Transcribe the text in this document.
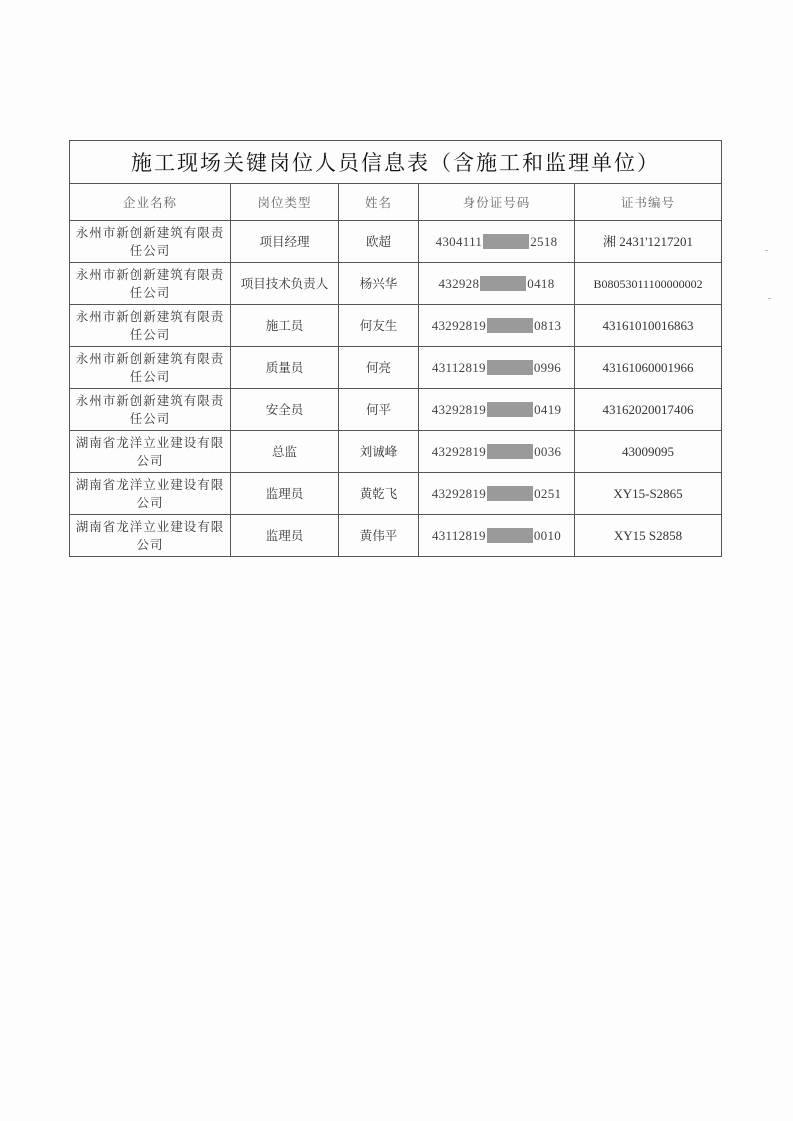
施工现场关键岗位人员信息表（含施工和监理单位）				
企业名称	岗位类型	姓名	身份证号码	证书编号
永州市新创新建筑有限责任公司	项目经理	欧超	4304111 2518	湘 2431'1217201
永州市新创新建筑有限责任公司	项目技术负责人	杨兴华	432928 0418	B08053011100000002
永州市新创新建筑有限责任公司	施工员	何友生	43292819 0813	43161010016863
永州市新创新建筑有限责任公司	质量员	何亮	43112819 0996	43161060001966
永州市新创新建筑有限责任公司	安全员	何平	43292819 0419	43162020017406
湖南省龙洋立业建设有限公司	总监	刘诚峰	43292819 0036	43009095
湖南省龙洋立业建设有限公司	监理员	黄乾飞	43292819 0251	XY15-S2865
湖南省龙洋立业建设有限公司	监理员	黄伟平	43112819 0010	XY15 S2858
